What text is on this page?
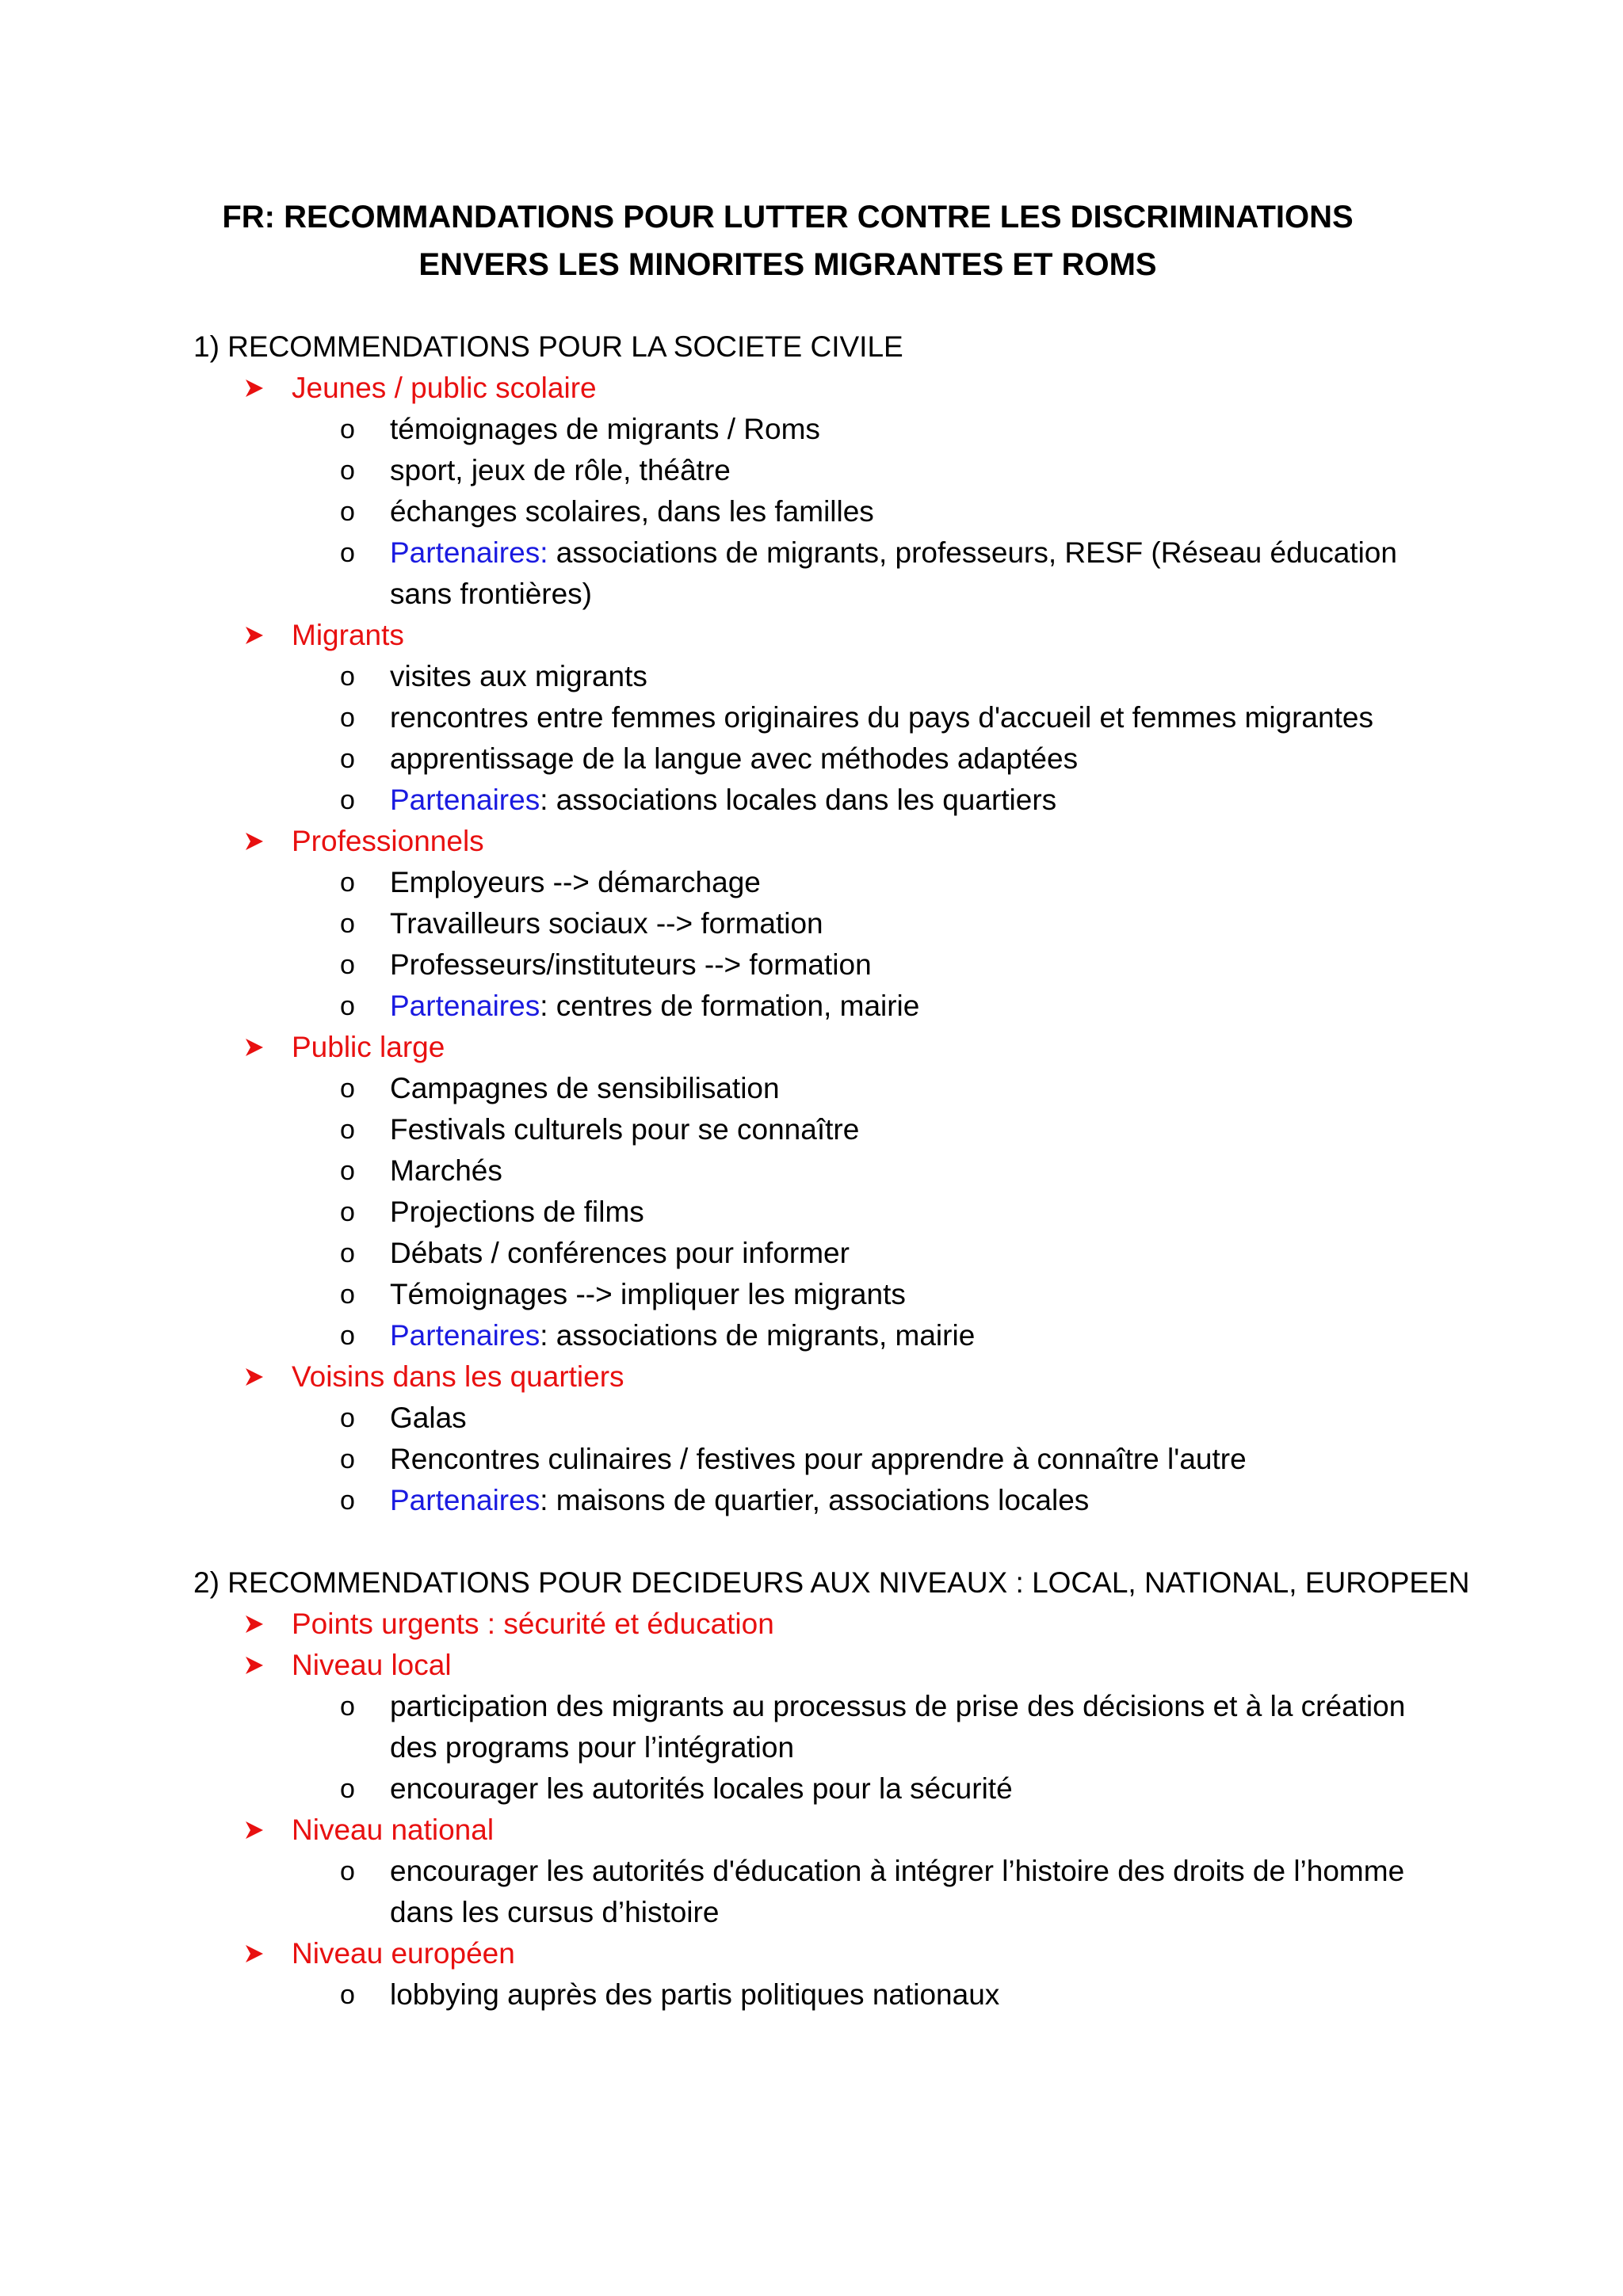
FR: RECOMMANDATIONS POUR LUTTER CONTRE LES DISCRIMINATIONS
ENVERS LES MINORITES MIGRANTES ET ROMS
1) RECOMMENDATIONS POUR LA SOCIETE CIVILE
Jeunes / public scolaire
o témoignages de migrants / Roms
o sport, jeux de rôle, théâtre
o échanges scolaires, dans les familles
o Partenaires: associations de migrants, professeurs, RESF (Réseau éducation sans frontières)
Migrants
o visites aux migrants
o rencontres entre femmes originaires du pays d'accueil et femmes migrantes
o apprentissage de la langue avec méthodes adaptées
o Partenaires: associations locales dans les quartiers
Professionnels
o Employeurs --> démarchage
o Travailleurs sociaux --> formation
o Professeurs/instituteurs --> formation
o Partenaires: centres de formation, mairie
Public large
o Campagnes de sensibilisation
o Festivals culturels pour se connaître
o Marchés
o Projections de films
o Débats / conférences pour informer
o Témoignages --> impliquer les migrants
o Partenaires: associations de migrants, mairie
Voisins dans les quartiers
o Galas
o Rencontres culinaires / festives pour apprendre à connaître l'autre
o Partenaires: maisons de quartier, associations locales
2) RECOMMENDATIONS POUR DECIDEURS AUX NIVEAUX : LOCAL, NATIONAL, EUROPEEN
Points urgents : sécurité et éducation
Niveau local
o participation des migrants au processus de prise des décisions et à la création des programs pour l’intégration
o encourager les autorités locales pour la sécurité
Niveau national
o encourager les autorités d'éducation à intégrer l’histoire des droits de l’homme dans les cursus d’histoire
Niveau européen
o lobbying auprès des partis politiques nationaux
